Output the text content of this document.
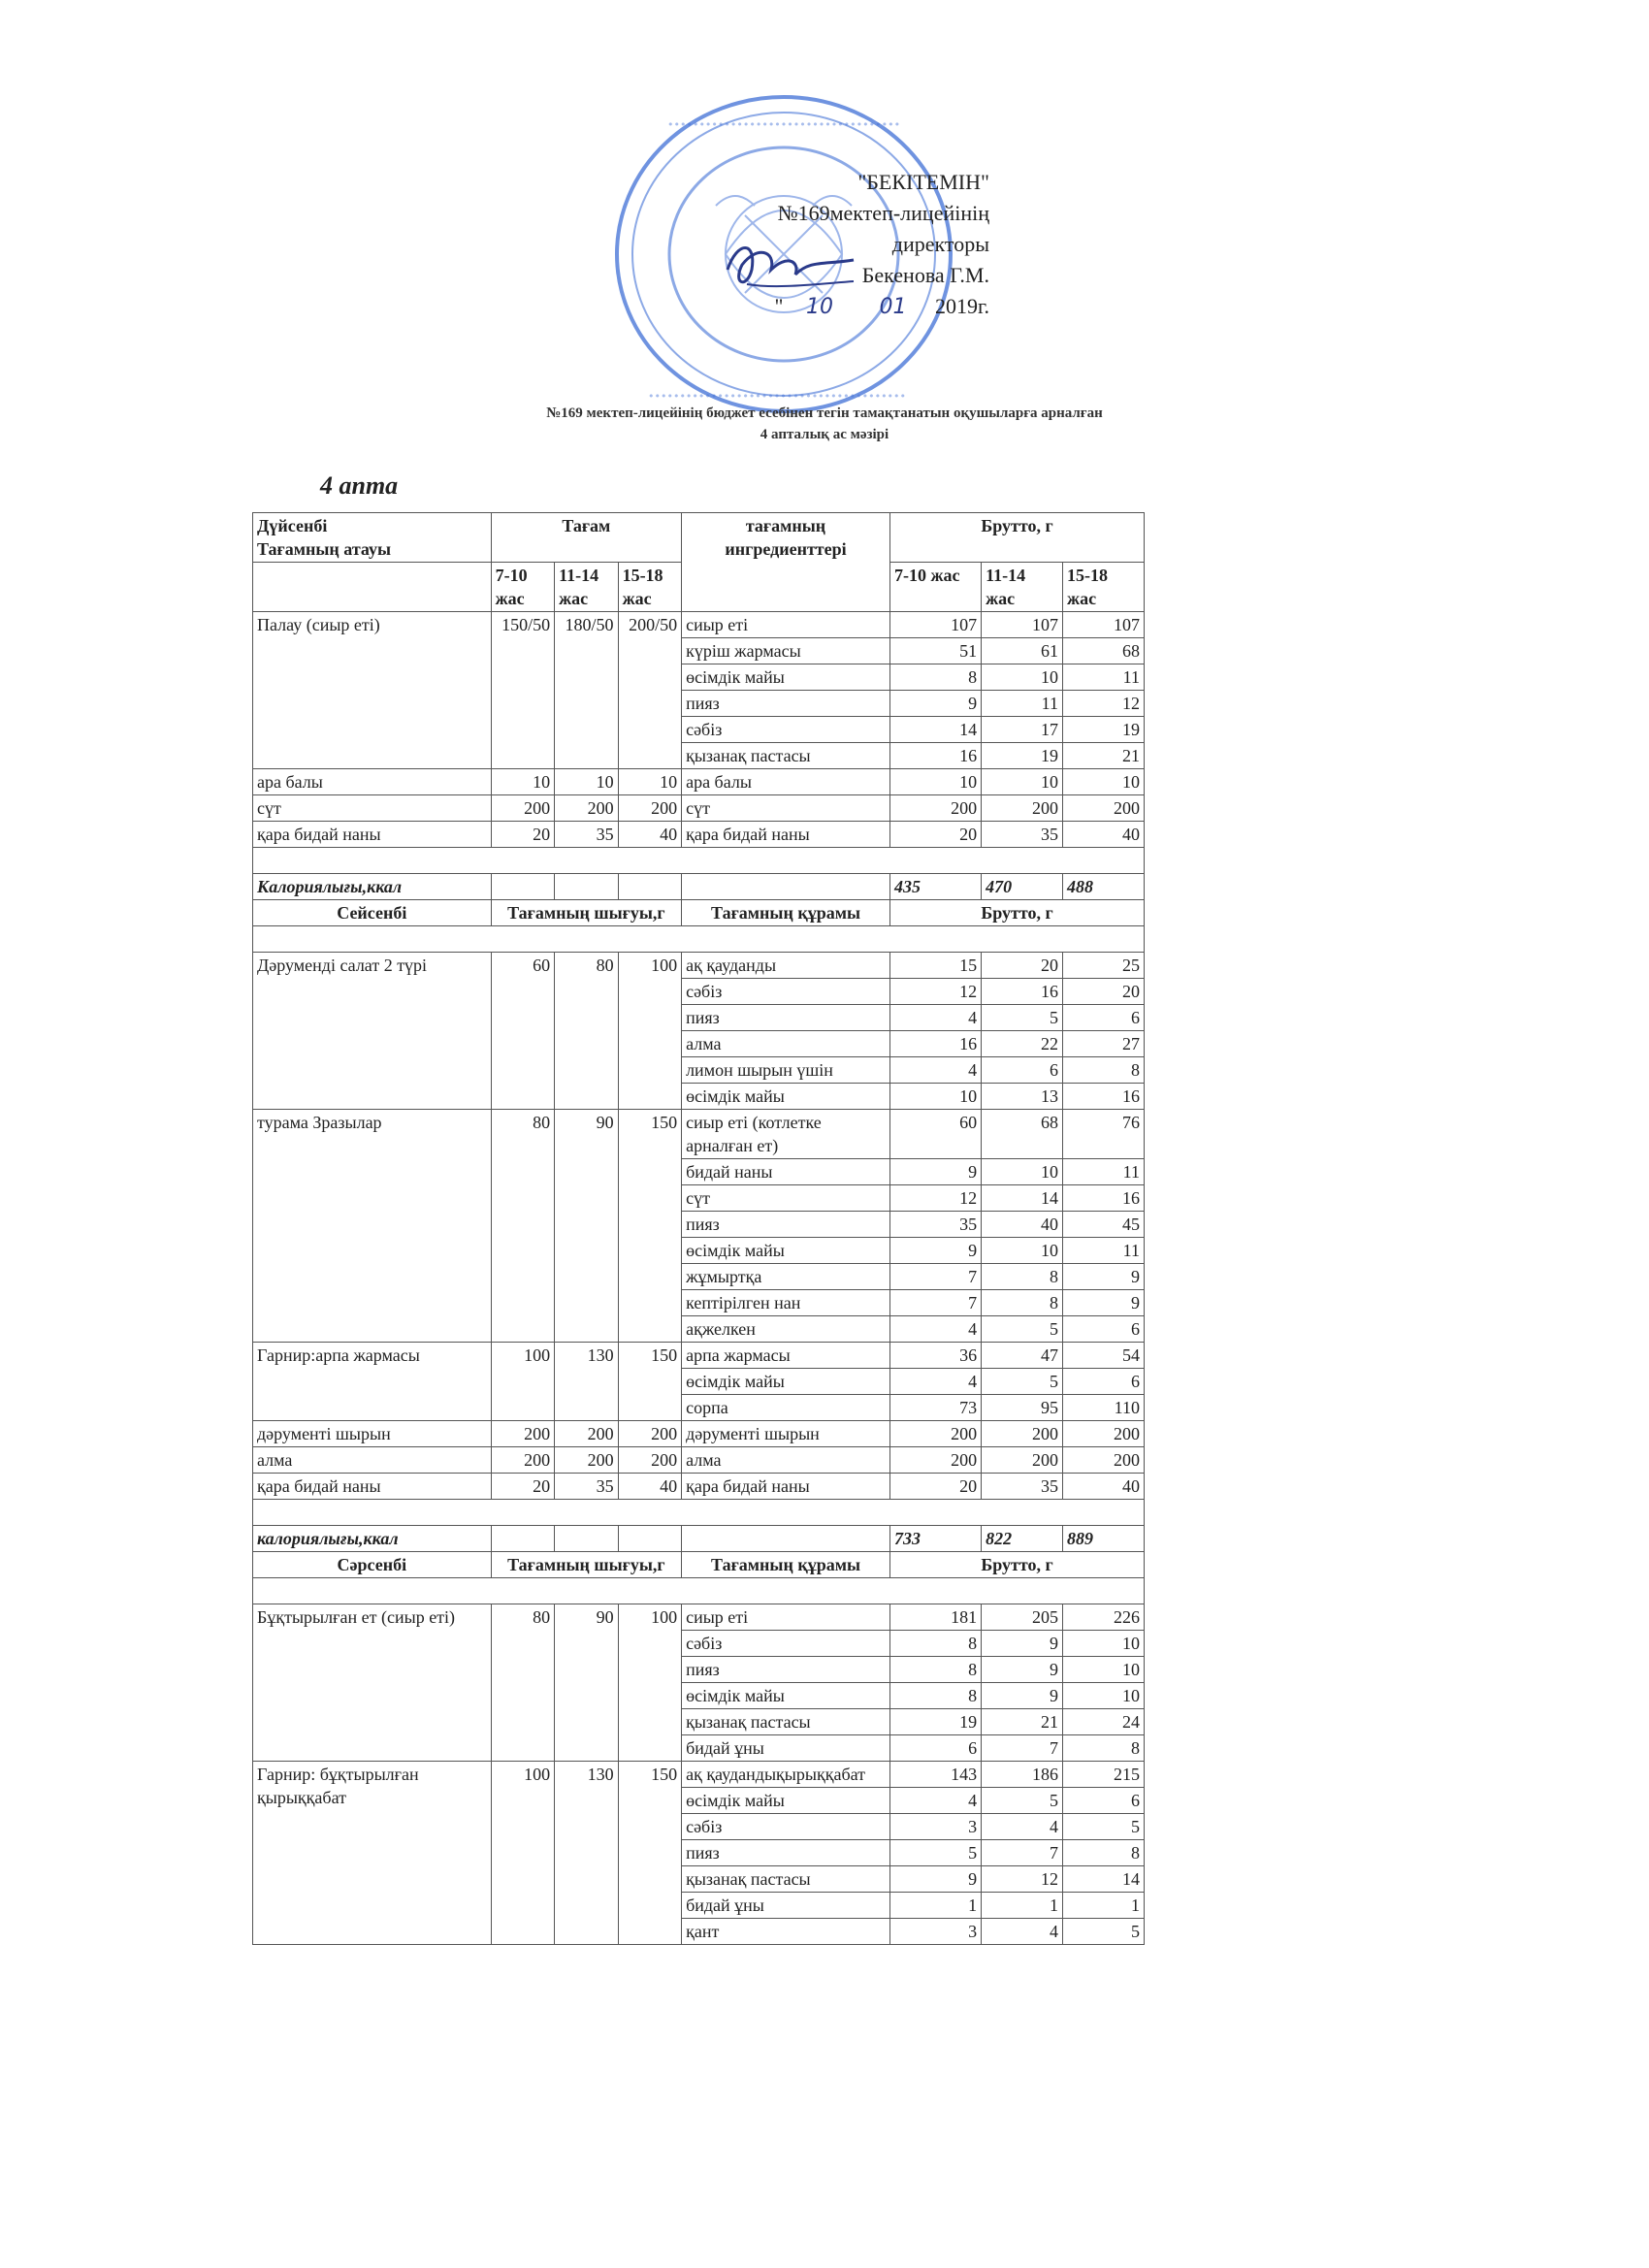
•••••••••••••••••••••••••••••••••••••
•••••••••••••••••••••••••••••••••••••••••
"БЕКІТЕМІН"
№169мектеп-лицейінің
директоры
Бекенова Г.М.
" 10 01 2019г.
№169 мектеп-лицейінің бюджет есебінен тегін тамақтанатын оқушыларға арналған
4 апталық ас мәзірі
4 апта
Дүйсенбі
Тағамның атауы	Тағам			тағамның ингредиенттері	Брутто, г		
	7-10 жас	11-14 жас	15-18 жас		7-10 жас	11-14 жас	15-18 жас
Палау (сиыр еті)	150/50	180/50	200/50	сиыр еті	107	107	107
				күріш жармасы	51	61	68
				өсімдік майы	8	10	11
				пияз	9	11	12
				сәбіз	14	17	19
				қызанақ пастасы	16	19	21
ара балы	10	10	10	ара балы	10	10	10
сүт	200	200	200	сүт	200	200	200
қара бидай наны	20	35	40	қара бидай наны	20	35	40

Калориялығы,ккал					435	470	488
Сейсенбі	Тағамның шығуы,г			Тағамның құрамы	Брутто, г		

Дәруменді салат 2 түрі	60	80	100	ақ қауданды	15	20	25
				сәбіз	12	16	20
				пияз	4	5	6
				алма	16	22	27
				лимон шырын үшін	4	6	8
				өсімдік майы	10	13	16
турама Зразылар	80	90	150	сиыр еті (котлетке арналған ет)	60	68	76
				бидай наны	9	10	11
				сүт	12	14	16
				пияз	35	40	45
				өсімдік майы	9	10	11
				жұмыртқа	7	8	9
				кептірілген нан	7	8	9
				ақжелкен	4	5	6
Гарнир:арпа жармасы	100	130	150	арпа жармасы	36	47	54
				өсімдік майы	4	5	6
				сорпа	73	95	110
дәрументі шырын	200	200	200	дәрументі шырын	200	200	200
алма	200	200	200	алма	200	200	200
қара бидай наны	20	35	40	қара бидай наны	20	35	40

калориялығы,ккал					733	822	889
Сәрсенбі	Тағамның шығуы,г			Тағамның құрамы	Брутто, г		

Бұқтырылған ет (сиыр еті)	80	90	100	сиыр еті	181	205	226
				сәбіз	8	9	10
				пияз	8	9	10
				өсімдік майы	8	9	10
				қызанақ пастасы	19	21	24
				бидай ұны	6	7	8
Гарнир: бұқтырылған қырыққабат	100	130	150	ақ қаудандықырыққабат	143	186	215
				өсімдік майы	4	5	6
				сәбіз	3	4	5
				пияз	5	7	8
				қызанақ пастасы	9	12	14
				бидай ұны	1	1	1
				қант	3	4	5
